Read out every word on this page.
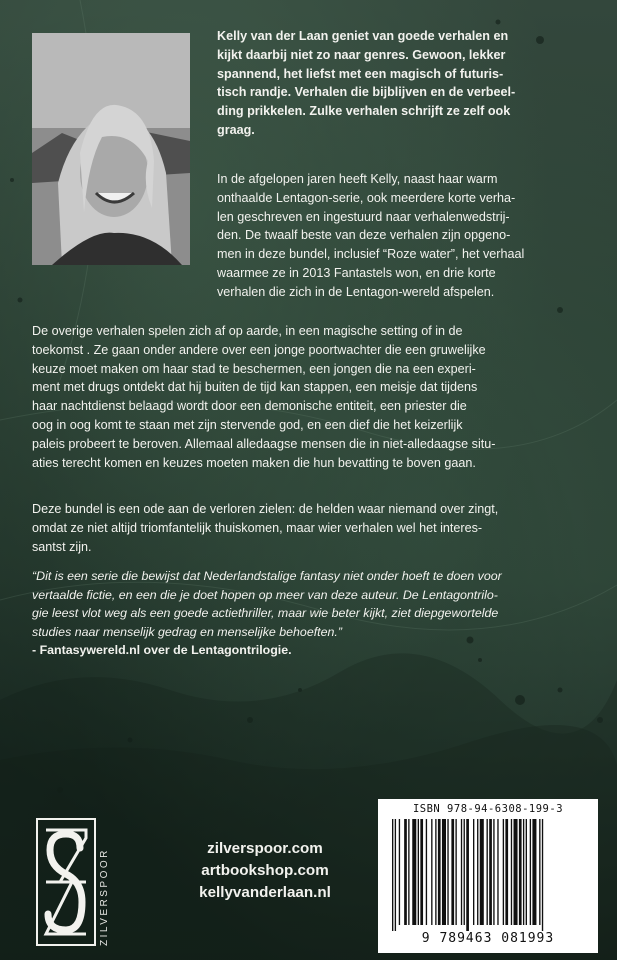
Kelly van der Laan geniet van goede verhalen en
kijkt daarbij niet zo naar genres. Gewoon, lekker
spannend, het liefst met een magisch of futuris-
tisch randje. Verhalen die bijblijven en de verbeel-
ding prikkelen. Zulke verhalen schrijft ze zelf ook
graag.

In de afgelopen jaren heeft Kelly, naast haar warm
onthaalde Lentagon-serie, ook meerdere korte verha-
len geschreven en ingestuurd naar verhalenwedstrij-
den. De twaalf beste van deze verhalen zijn opgeno-
men in deze bundel, inclusief “Roze water”, het verhaal
waarmee ze in 2013 Fantastels won, en drie korte
verhalen die zich in de Lentagon-wereld afspelen.

De overige verhalen spelen zich af op aarde, in een magische setting of in de
toekomst . Ze gaan onder andere over een jonge poortwachter die een gruwelijke
keuze moet maken om haar stad te beschermen, een jongen die na een experi-
ment met drugs ontdekt dat hij buiten de tijd kan stappen, een meisje dat tijdens
haar nachtdienst belaagd wordt door een demonische entiteit, een priester die
oog in oog komt te staan met zijn stervende god, en een dief die het keizerlijk
paleis probeert te beroven. Allemaal alledaagse mensen die in niet-alledaagse situ-
aties terecht komen en keuzes moeten maken die hun bevatting te boven gaan.

Deze bundel is een ode aan de verloren zielen: de helden waar niemand over zingt,
omdat ze niet altijd triomfantelijk thuiskomen, maar wier verhalen wel het interes-
santst zijn.

“Dit is een serie die bewijst dat Nederlandstalige fantasy niet onder hoeft te doen voor
vertaalde fictie, en een die je doet hopen op meer van deze auteur. De Lentagontrilo-
gie leest vlot weg als een goede actiethriller, maar wie beter kijkt, ziet diepgewortelde
studies naar menselijk gedrag en menselijke behoeften.”
- Fantasywereld.nl over de Lentagontrilogie.

ZILVERSPOOR	zilverspoor.com
artbookshop.com
kellyvanderlaan.nl
ISBN 978-94-6308-199-3
9 789463 081993
